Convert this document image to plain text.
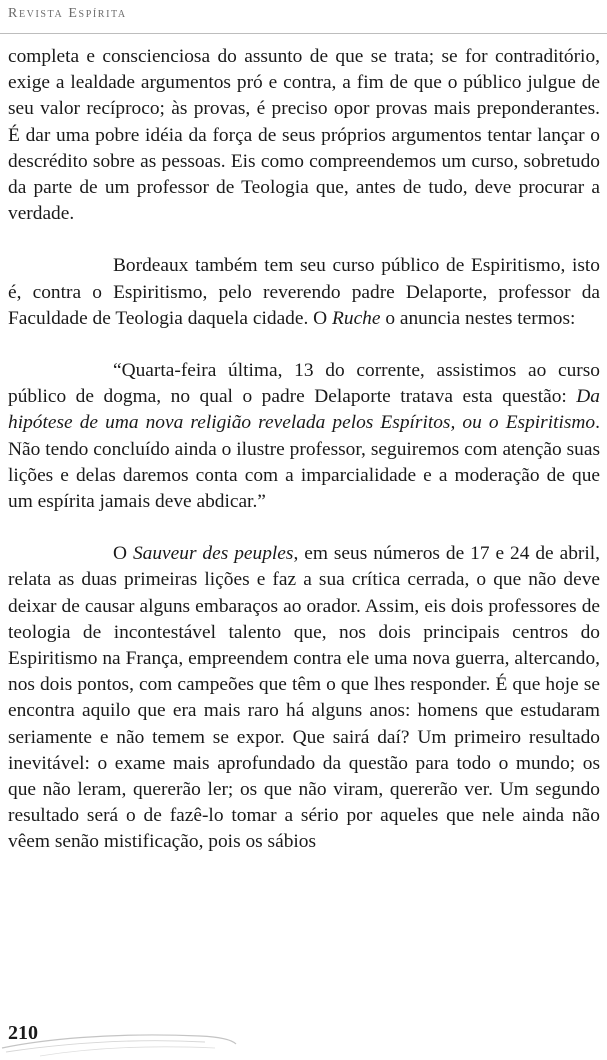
Revista Espírita

completa e conscienciosa do assunto de que se trata; se for contraditório, exige a lealdade argumentos pró e contra, a fim de que o público julgue de seu valor recíproco; às provas, é preciso opor provas mais preponderantes. É dar uma pobre idéia da força de seus próprios argumentos tentar lançar o descrédito sobre as pessoas. Eis como compreendemos um curso, sobretudo da parte de um professor de Teologia que, antes de tudo, deve procurar a verdade.

Bordeaux também tem seu curso público de Espiritismo, isto é, contra o Espiritismo, pelo reverendo padre Delaporte, professor da Faculdade de Teologia daquela cidade. O Ruche o anuncia nestes termos:

“Quarta-feira última, 13 do corrente, assistimos ao curso público de dogma, no qual o padre Delaporte tratava esta questão: Da hipótese de uma nova religião revelada pelos Espíritos, ou o Espiritismo. Não tendo concluído ainda o ilustre professor, seguiremos com atenção suas lições e delas daremos conta com a imparcialidade e a moderação de que um espírita jamais deve abdicar.”

O Sauveur des peuples, em seus números de 17 e 24 de abril, relata as duas primeiras lições e faz a sua crítica cerrada, o que não deve deixar de causar alguns embaraços ao orador. Assim, eis dois professores de teologia de incontestável talento que, nos dois principais centros do Espiritismo na França, empreendem contra ele uma nova guerra, altercando, nos dois pontos, com campeões que têm o que lhes responder. É que hoje se encontra aquilo que era mais raro há alguns anos: homens que estudaram seriamente e não temem se expor. Que sairá daí? Um primeiro resultado inevitável: o exame mais aprofundado da questão para todo o mundo; os que não leram, quererão ler; os que não viram, quererão ver. Um segundo resultado será o de fazê-lo tomar a sério por aqueles que nele ainda não vêem senão mistificação, pois os sábios

210
